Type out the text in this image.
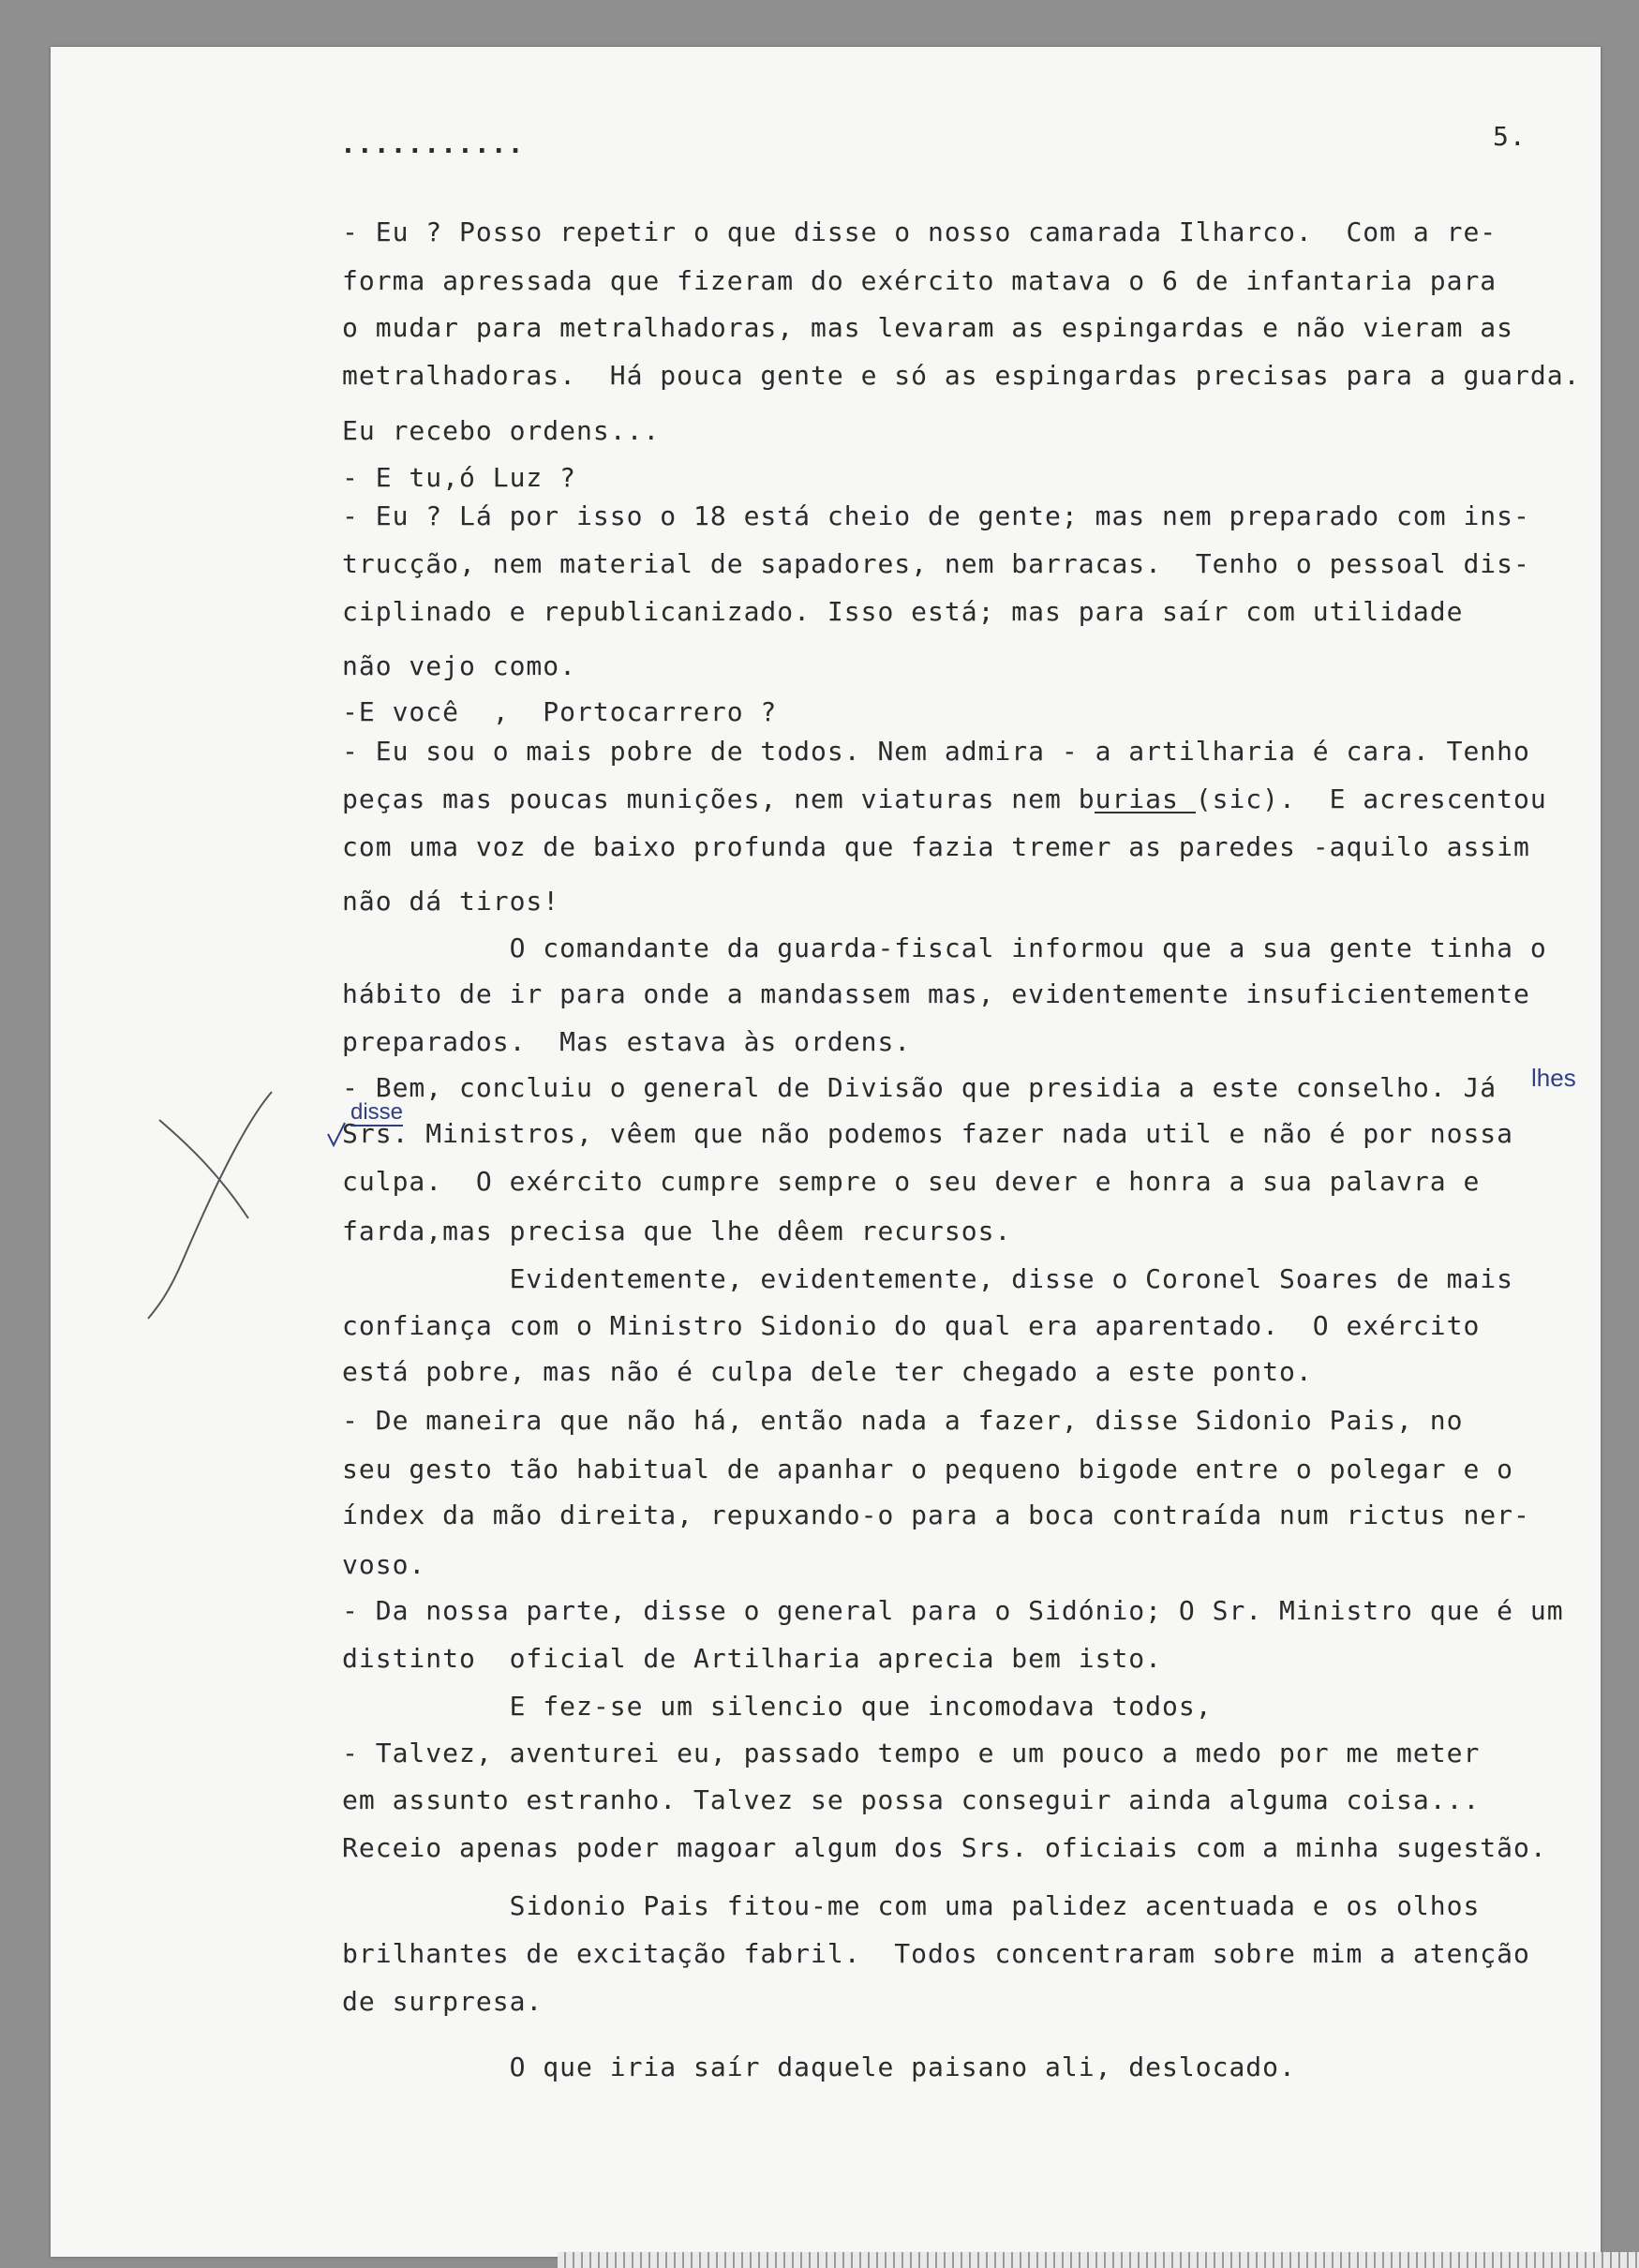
...........	5.
- Eu ? Posso repetir o que disse o nosso camarada Ilharco.  Com a re-
forma apressada que fizeram do exército matava o 6 de infantaria para
o mudar para metralhadoras, mas levaram as espingardas e não vieram as
metralhadoras.  Há pouca gente e só as espingardas precisas para a guarda.
Eu recebo ordens...
- E tu,ó Luz ?
- Eu ? Lá por isso o 18 está cheio de gente; mas nem preparado com ins-
trucção, nem material de sapadores, nem barracas.  Tenho o pessoal dis-
ciplinado e republicanizado. Isso está; mas para saír com utilidade
não vejo como.
-E você  ,  Portocarrero ?
- Eu sou o mais pobre de todos. Nem admira - a artilharia é cara. Tenho
peças mas poucas munições, nem viaturas nem burias (sic).  E acrescentou
com uma voz de baixo profunda que fazia tremer as paredes -aquilo assim
não dá tiros!
O comandante da guarda-fiscal informou que a sua gente tinha o
hábito de ir para onde a mandassem mas, evidentemente insuficientemente
preparados.  Mas estava às ordens.
- Bem, concluiu o general de Divisão que presidia a este conselho. Já
Srs. Ministros, vêem que não podemos fazer nada util e não é por nossa
culpa.  O exército cumpre sempre o seu dever e honra a sua palavra e
farda,mas precisa que lhe dêem recursos.
Evidentemente, evidentemente, disse o Coronel Soares de mais
confiança com o Ministro Sidonio do qual era aparentado.  O exército
está pobre, mas não é culpa dele ter chegado a este ponto.
- De maneira que não há, então nada a fazer, disse Sidonio Pais, no
seu gesto tão habitual de apanhar o pequeno bigode entre o polegar e o
índex da mão direita, repuxando-o para a boca contraída num rictus ner-
voso.
- Da nossa parte, disse o general para o Sidónio; O Sr. Ministro que é um
distinto  oficial de Artilharia aprecia bem isto.
E fez-se um silencio que incomodava todos,
- Talvez, aventurei eu, passado tempo e um pouco a medo por me meter
em assunto estranho. Talvez se possa conseguir ainda alguma coisa...
Receio apenas poder magoar algum dos Srs. oficiais com a minha sugestão.
Sidonio Pais fitou-me com uma palidez acentuada e os olhos
brilhantes de excitação fabril.  Todos concentraram sobre mim a atenção
de surpresa.
O que iria saír daquele paisano ali, deslocado.
lhes
disse
